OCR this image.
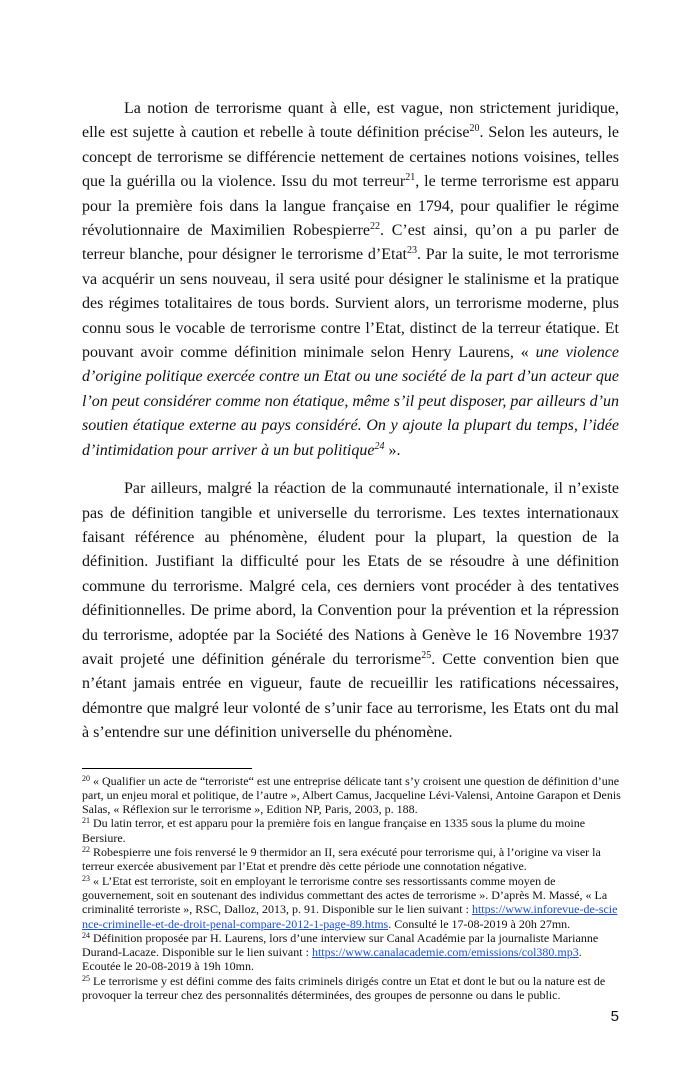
La notion de terrorisme quant à elle, est vague, non strictement juridique, elle est sujette à caution et rebelle à toute définition précise$^{20}$. Selon les auteurs, le concept de terrorisme se différencie nettement de certaines notions voisines, telles que la guérilla ou la violence. Issu du mot terreur$^{21}$, le terme terrorisme est apparu pour la première fois dans la langue française en 1794, pour qualifier le régime révolutionnaire de Maximilien Robespierre$^{22}$. C’est ainsi, qu’on a pu parler de terreur blanche, pour désigner le terrorisme d’Etat$^{23}$. Par la suite, le mot terrorisme va acquérir un sens nouveau, il sera usité pour désigner le stalinisme et la pratique des régimes totalitaires de tous bords. Survient alors, un terrorisme moderne, plus connu sous le vocable de terrorisme contre l’Etat, distinct de la terreur étatique. Et pouvant avoir comme définition minimale selon Henry Laurens, « une violence d’origine politique exercée contre un Etat ou une société de la part d’un acteur que l’on peut considérer comme non étatique, même s’il peut disposer, par ailleurs d’un soutien étatique externe au pays considéré. On y ajoute la plupart du temps, l’idée d’intimidation pour arriver à un but politique$^{24}$ ».

Par ailleurs, malgré la réaction de la communauté internationale, il n’existe pas de définition tangible et universelle du terrorisme. Les textes internationaux faisant référence au phénomène, éludent pour la plupart, la question de la définition. Justifiant la difficulté pour les Etats de se résoudre à une définition commune du terrorisme. Malgré cela, ces derniers vont procéder à des tentatives définitionnelles. De prime abord, la Convention pour la prévention et la répression du terrorisme, adoptée par la Société des Nations à Genève le 16 Novembre 1937 avait projeté une définition générale du terrorisme$^{25}$. Cette convention bien que n’étant jamais entrée en vigueur, faute de recueillir les ratifications nécessaires, démontre que malgré leur volonté de s’unir face au terrorisme, les Etats ont du mal à s’entendre sur une définition universelle du phénomène.

$^{20}$ « Qualifier un acte de “terroriste“ est une entreprise délicate tant s’y croisent une question de définition d’une part, un enjeu moral et politique, de l’autre », Albert Camus, Jacqueline Lévi-Valensi, Antoine Garapon et Denis Salas, « Réflexion sur le terrorisme », Edition NP, Paris, 2003, p. 188.

$^{21}$ Du latin terror, et est apparu pour la première fois en langue française en 1335 sous la plume du moine Bersiure.

$^{22}$ Robespierre une fois renversé le 9 thermidor an II, sera exécuté pour terrorisme qui, à l’origine va viser la terreur exercée abusivement par l’Etat et prendre dès cette période une connotation négative.

$^{23}$ « L’Etat est terroriste, soit en employant le terrorisme contre ses ressortissants comme moyen de gouvernement, soit en soutenant des individus commettant des actes de terrorisme ». D’après M. Massé, « La criminalité terroriste », RSC, Dalloz, 2013, p. 91. Disponible sur le lien suivant : https://www.inforevue-de-science-criminelle-et-de-droit-penal-compare-2012-1-page-89.htms. Consulté le 17-08-2019 à 20h 27mn.

$^{24}$ Définition proposée par H. Laurens, lors d’une interview sur Canal Académie par la journaliste Marianne Durand-Lacaze. Disponible sur le lien suivant : https://www.canalacademie.com/emissions/col380.mp3. Ecoutée le 20-08-2019 à 19h 10mn.

$^{25}$ Le terrorisme y est défini comme des faits criminels dirigés contre un Etat et dont le but ou la nature est de provoquer la terreur chez des personnalités déterminées, des groupes de personne ou dans le public.

5
